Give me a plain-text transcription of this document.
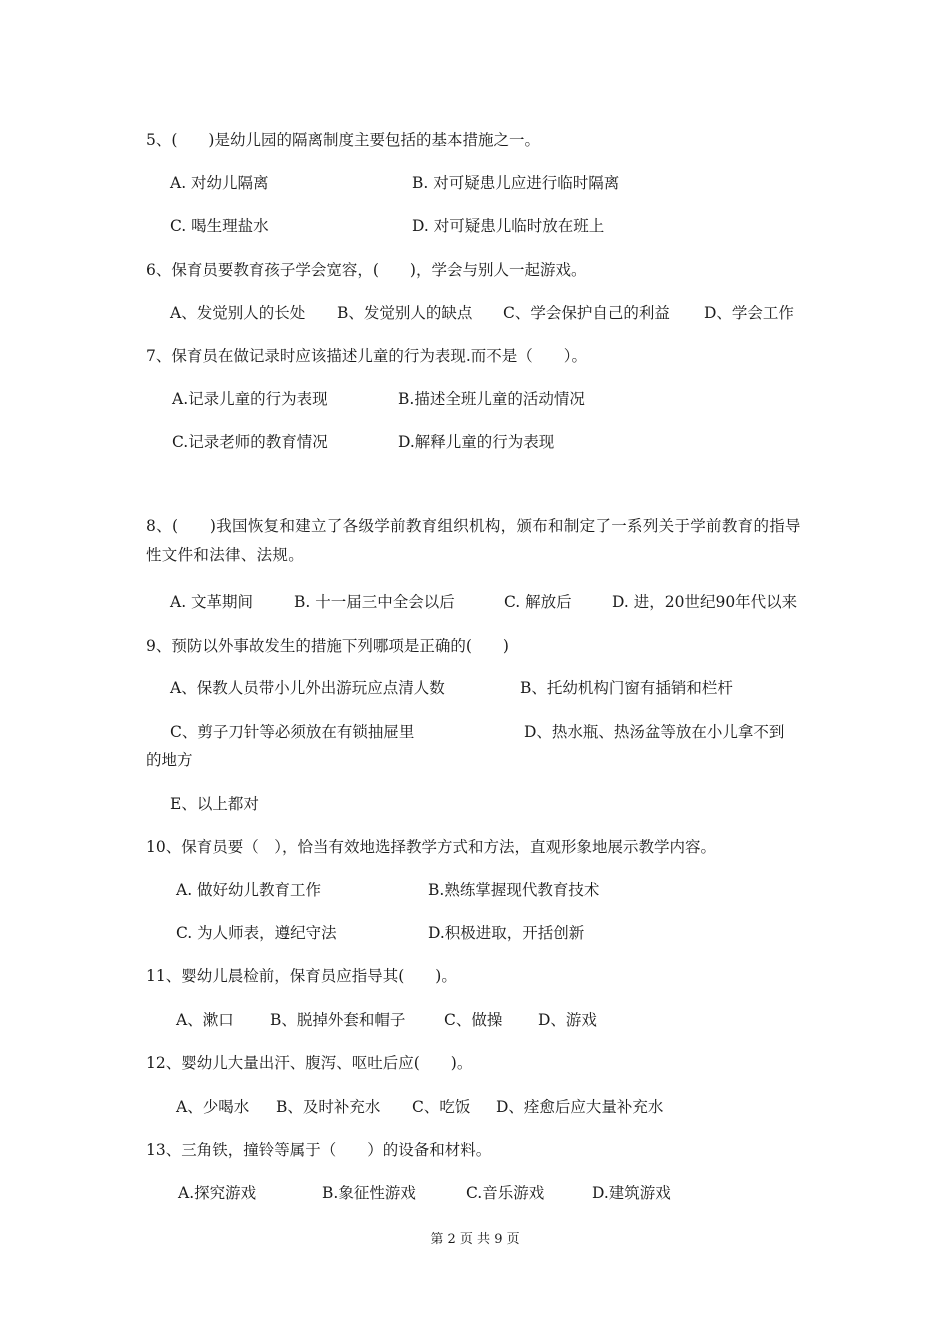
5、(　　)是幼儿园的隔离制度主要包括的基本措施之一。
A. 对幼儿隔离	B. 对可疑患儿应进行临时隔离
C. 喝生理盐水	D. 对可疑患儿临时放在班上
6、保育员要教育孩子学会宽容，(　　)，学会与别人一起游戏。
A、发觉别人的长处 B、发觉别人的缺点 C、学会保护自己的利益 D、学会工作
7、保育员在做记录时应该描述儿童的行为表现.而不是（　　）。
A.记录儿童的行为表现	B.描述全班儿童的活动情况
C.记录老师的教育情况	D.解释儿童的行为表现
8、(　　)我国恢复和建立了各级学前教育组织机构，颁布和制定了一系列关于学前教育的指导性文件和法律、法规。
A. 文革期间	B. 十一届三中全会以后	C. 解放后	D. 进，20世纪90年代以来
9、预防以外事故发生的措施下列哪项是正确的(　　)
A、保教人员带小儿外出游玩应点清人数	B、托幼机构门窗有插销和栏杆
C、剪子刀针等必须放在有锁抽屉里	D、热水瓶、热汤盆等放在小儿拿不到
的地方
E、以上都对
10、保育员要（　），恰当有效地选择教学方式和方法，直观形象地展示教学内容。
A. 做好幼儿教育工作	B.熟练掌握现代教育技术
C. 为人师表，遵纪守法	D.积极进取，开括创新
11、婴幼儿晨检前，保育员应指导其(　　)。
A、漱口 B、脱掉外套和帽子 C、做操 D、游戏
12、婴幼儿大量出汗、腹泻、呕吐后应(　　)。
A、少喝水 B、及时补充水 C、吃饭 D、痊愈后应大量补充水
13、三角铁，撞铃等属于（　　）的设备和材料。
A.探究游戏	B.象征性游戏	C.音乐游戏	D.建筑游戏
第 2 页 共 9 页
